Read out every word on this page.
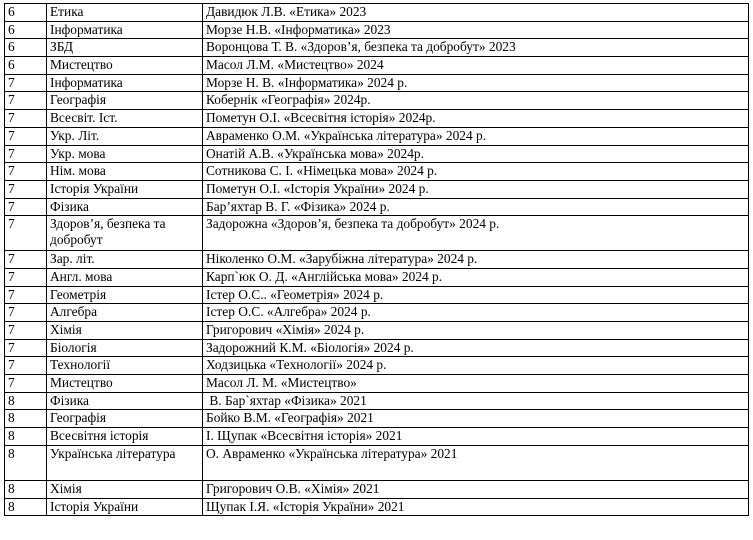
6	Етика	Давидюк Л.В. «Етика» 2023
6	Інформатика	Морзе Н.В. «Інформатика» 2023
6	ЗБД	Воронцова Т. В. «Здоров’я, безпека та добробут» 2023
6	Мистецтво	Масол Л.М. «Мистецтво» 2024
7	Інформатика	Морзе Н. В. «Інформатика» 2024 р.
7	Географія	Кобернік «Географія» 2024р.
7	Всесвіт. Іст.	Пометун О.І. «Всесвітня історія» 2024р.
7	Укр. Літ.	Авраменко О.М. «Українська література» 2024 р.
7	Укр. мова	Онатій А.В. «Українська мова» 2024р.
7	Нім. мова	Сотникова С. І. «Німецька мова» 2024 р.
7	Історія України	Пометун О.І. «Історія України» 2024 р.
7	Фізика	Бар’яхтар В. Г. «Фізика» 2024 р.
7	Здоров’я, безпека та добробут	Задорожна «Здоров’я, безпека та добробут» 2024 р.
7	Зар. літ.	Ніколенко О.М. «Зарубіжна література» 2024 р.
7	Англ. мова	Карп`юк О. Д. «Англійська мова» 2024 р.
7	Геометрія	Істер О.С.. «Геометрія» 2024 р.
7	Алгебра	Істер О.С. «Алгебра» 2024 р.
7	Хімія	Григорович «Хімія» 2024 р.
7	Біологія	Задорожний К.М. «Біологія» 2024 р.
7	Технології	Ходзицька «Технології» 2024 р.
7	Мистецтво	Масол Л. М. «Мистецтво»
8	Фізика	В. Бар`яхтар «Фізика» 2021
8	Географія	Бойко В.М. «Географія» 2021
8	Всесвітня історія	І. Щупак «Всесвітня історія» 2021
8	Українська література	О. Авраменко «Українська література» 2021
8	Хімія	Григорович О.В. «Хімія» 2021
8	Історія України	Щупак І.Я. «Історія України» 2021
